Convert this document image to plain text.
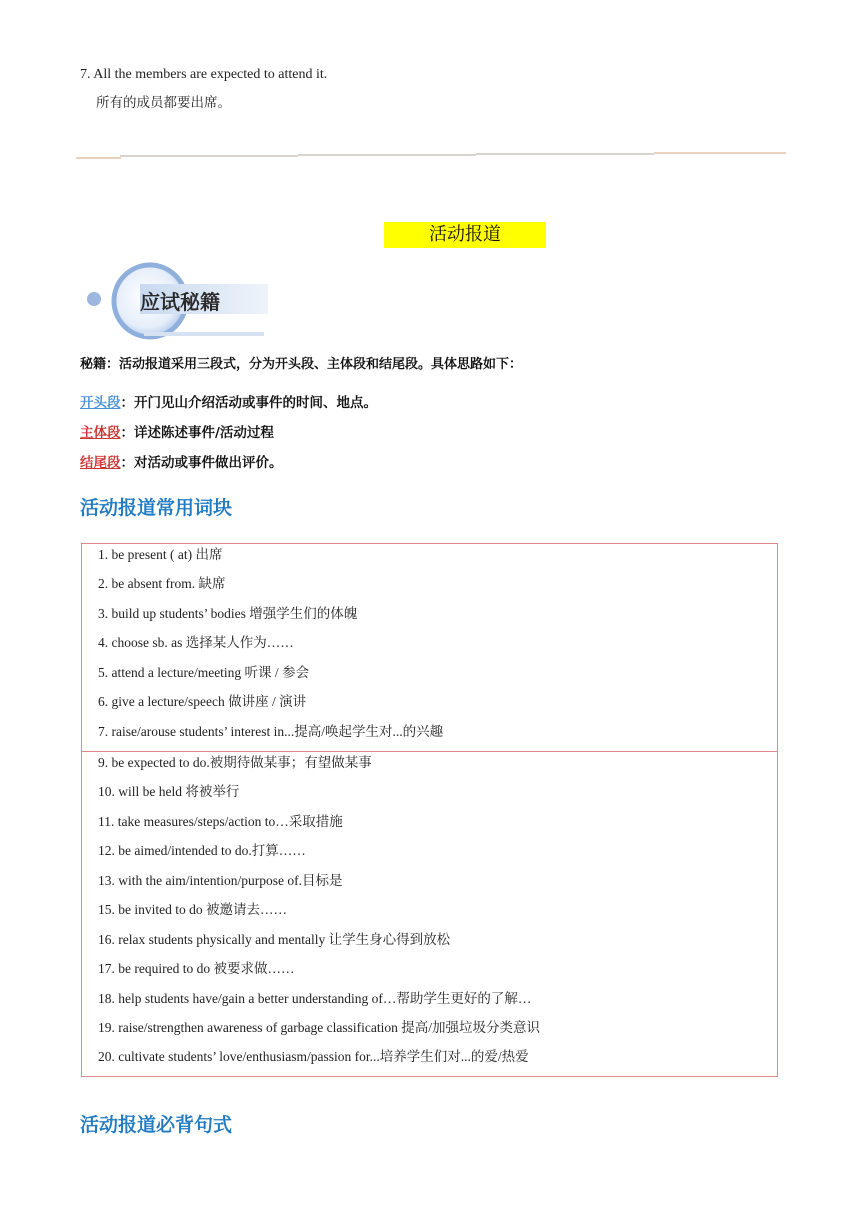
7. All the members are expected to attend it.
所有的成员都要出席。
活动报道
应试秘籍
秘籍：活动报道采用三段式，分为开头段、主体段和结尾段。具体思路如下：
开头段：开门见山介绍活动或事件的时间、地点。
主体段：详述陈述事件/活动过程
结尾段：对活动或事件做出评价。
活动报道常用词块
1. be present ( at) 出席
2. be absent from. 缺席
3. build up students’ bodies 增强学生们的体魄
4. choose sb. as 选择某人作为……
5. attend a lecture/meeting 听课 / 参会
6. give a lecture/speech 做讲座 / 演讲
7. raise/arouse students’ interest in...提高/唤起学生对...的兴趣
9. be expected to do.被期待做某事；有望做某事
10. will be held 将被举行
11. take measures/steps/action to…采取措施
12. be aimed/intended to do.打算……
13. with the aim/intention/purpose of.目标是
15. be invited to do 被邀请去……
16. relax students physically and mentally 让学生身心得到放松
17. be required to do 被要求做……
18. help students have/gain a better understanding of…帮助学生更好的了解…
19. raise/strengthen awareness of garbage classification 提高/加强垃圾分类意识
20. cultivate students’ love/enthusiasm/passion for...培养学生们对...的爱/热爱
活动报道必背句式
